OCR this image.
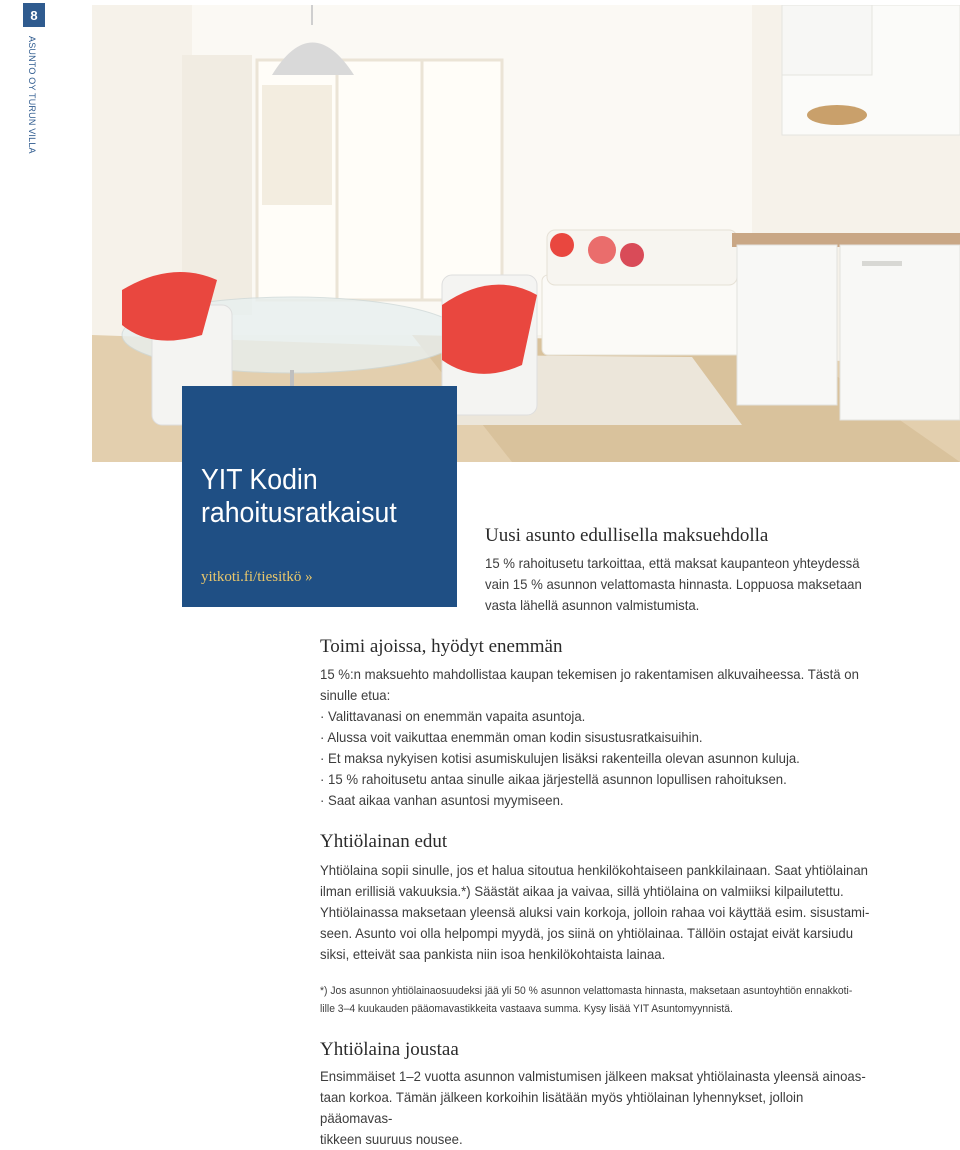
8
ASUNTO OY TURUN VILLA
YIT Kodin
rahoitusratkaisut
yitkoti.fi/tiesitkö »
Uusi asunto edullisella maksuehdolla
15 % rahoitusetu tarkoittaa, että maksat kaupanteon yhteydessä
vain 15 % asunnon velattomasta hinnasta. Loppuosa maksetaan
vasta lähellä asunnon valmistumista.
Toimi ajoissa, hyödyt enemmän
15 %:n maksuehto mahdollistaa kaupan tekemisen jo rakentamisen alkuvaiheessa. Tästä on
sinulle etua:
· Valittavanasi on enemmän vapaita asuntoja.
· Alussa voit vaikuttaa enemmän oman kodin sisustusratkaisuihin.
· Et maksa nykyisen kotisi asumiskulujen lisäksi rakenteilla olevan asunnon kuluja.
· 15 % rahoitusetu antaa sinulle aikaa järjestellä asunnon lopullisen rahoituksen.
· Saat aikaa vanhan asuntosi myymiseen.
Yhtiölainan edut
Yhtiölaina sopii sinulle, jos et halua sitoutua henkilökohtaiseen pankkilainaan. Saat yhtiölainan
ilman erillisiä vakuuksia.*) Säästät aikaa ja vaivaa, sillä yhtiölaina on valmiiksi kilpailutettu.
Yhtiölainassa maksetaan yleensä aluksi vain korkoja, jolloin rahaa voi käyttää esim. sisustami-
seen. Asunto voi olla helpompi myydä, jos siinä on yhtiölainaa. Tällöin ostajat eivät karsiudu
siksi, etteivät saa pankista niin isoa henkilökohtaista lainaa.
*) Jos asunnon yhtiölainaosuudeksi jää yli 50 % asunnon velattomasta hinnasta, maksetaan asuntoyhtiön ennakkoti-
lille 3–4 kuukauden pääomavastikkeita vastaava summa. Kysy lisää YIT Asuntomyynnistä.
Yhtiölaina joustaa
Ensimmäiset 1–2 vuotta asunnon valmistumisen jälkeen maksat yhtiölainasta yleensä ainoas-
taan korkoa. Tämän jälkeen korkoihin lisätään myös yhtiölainan lyhennykset, jolloin pääomavas-
tikkeen suuruus nousee.
